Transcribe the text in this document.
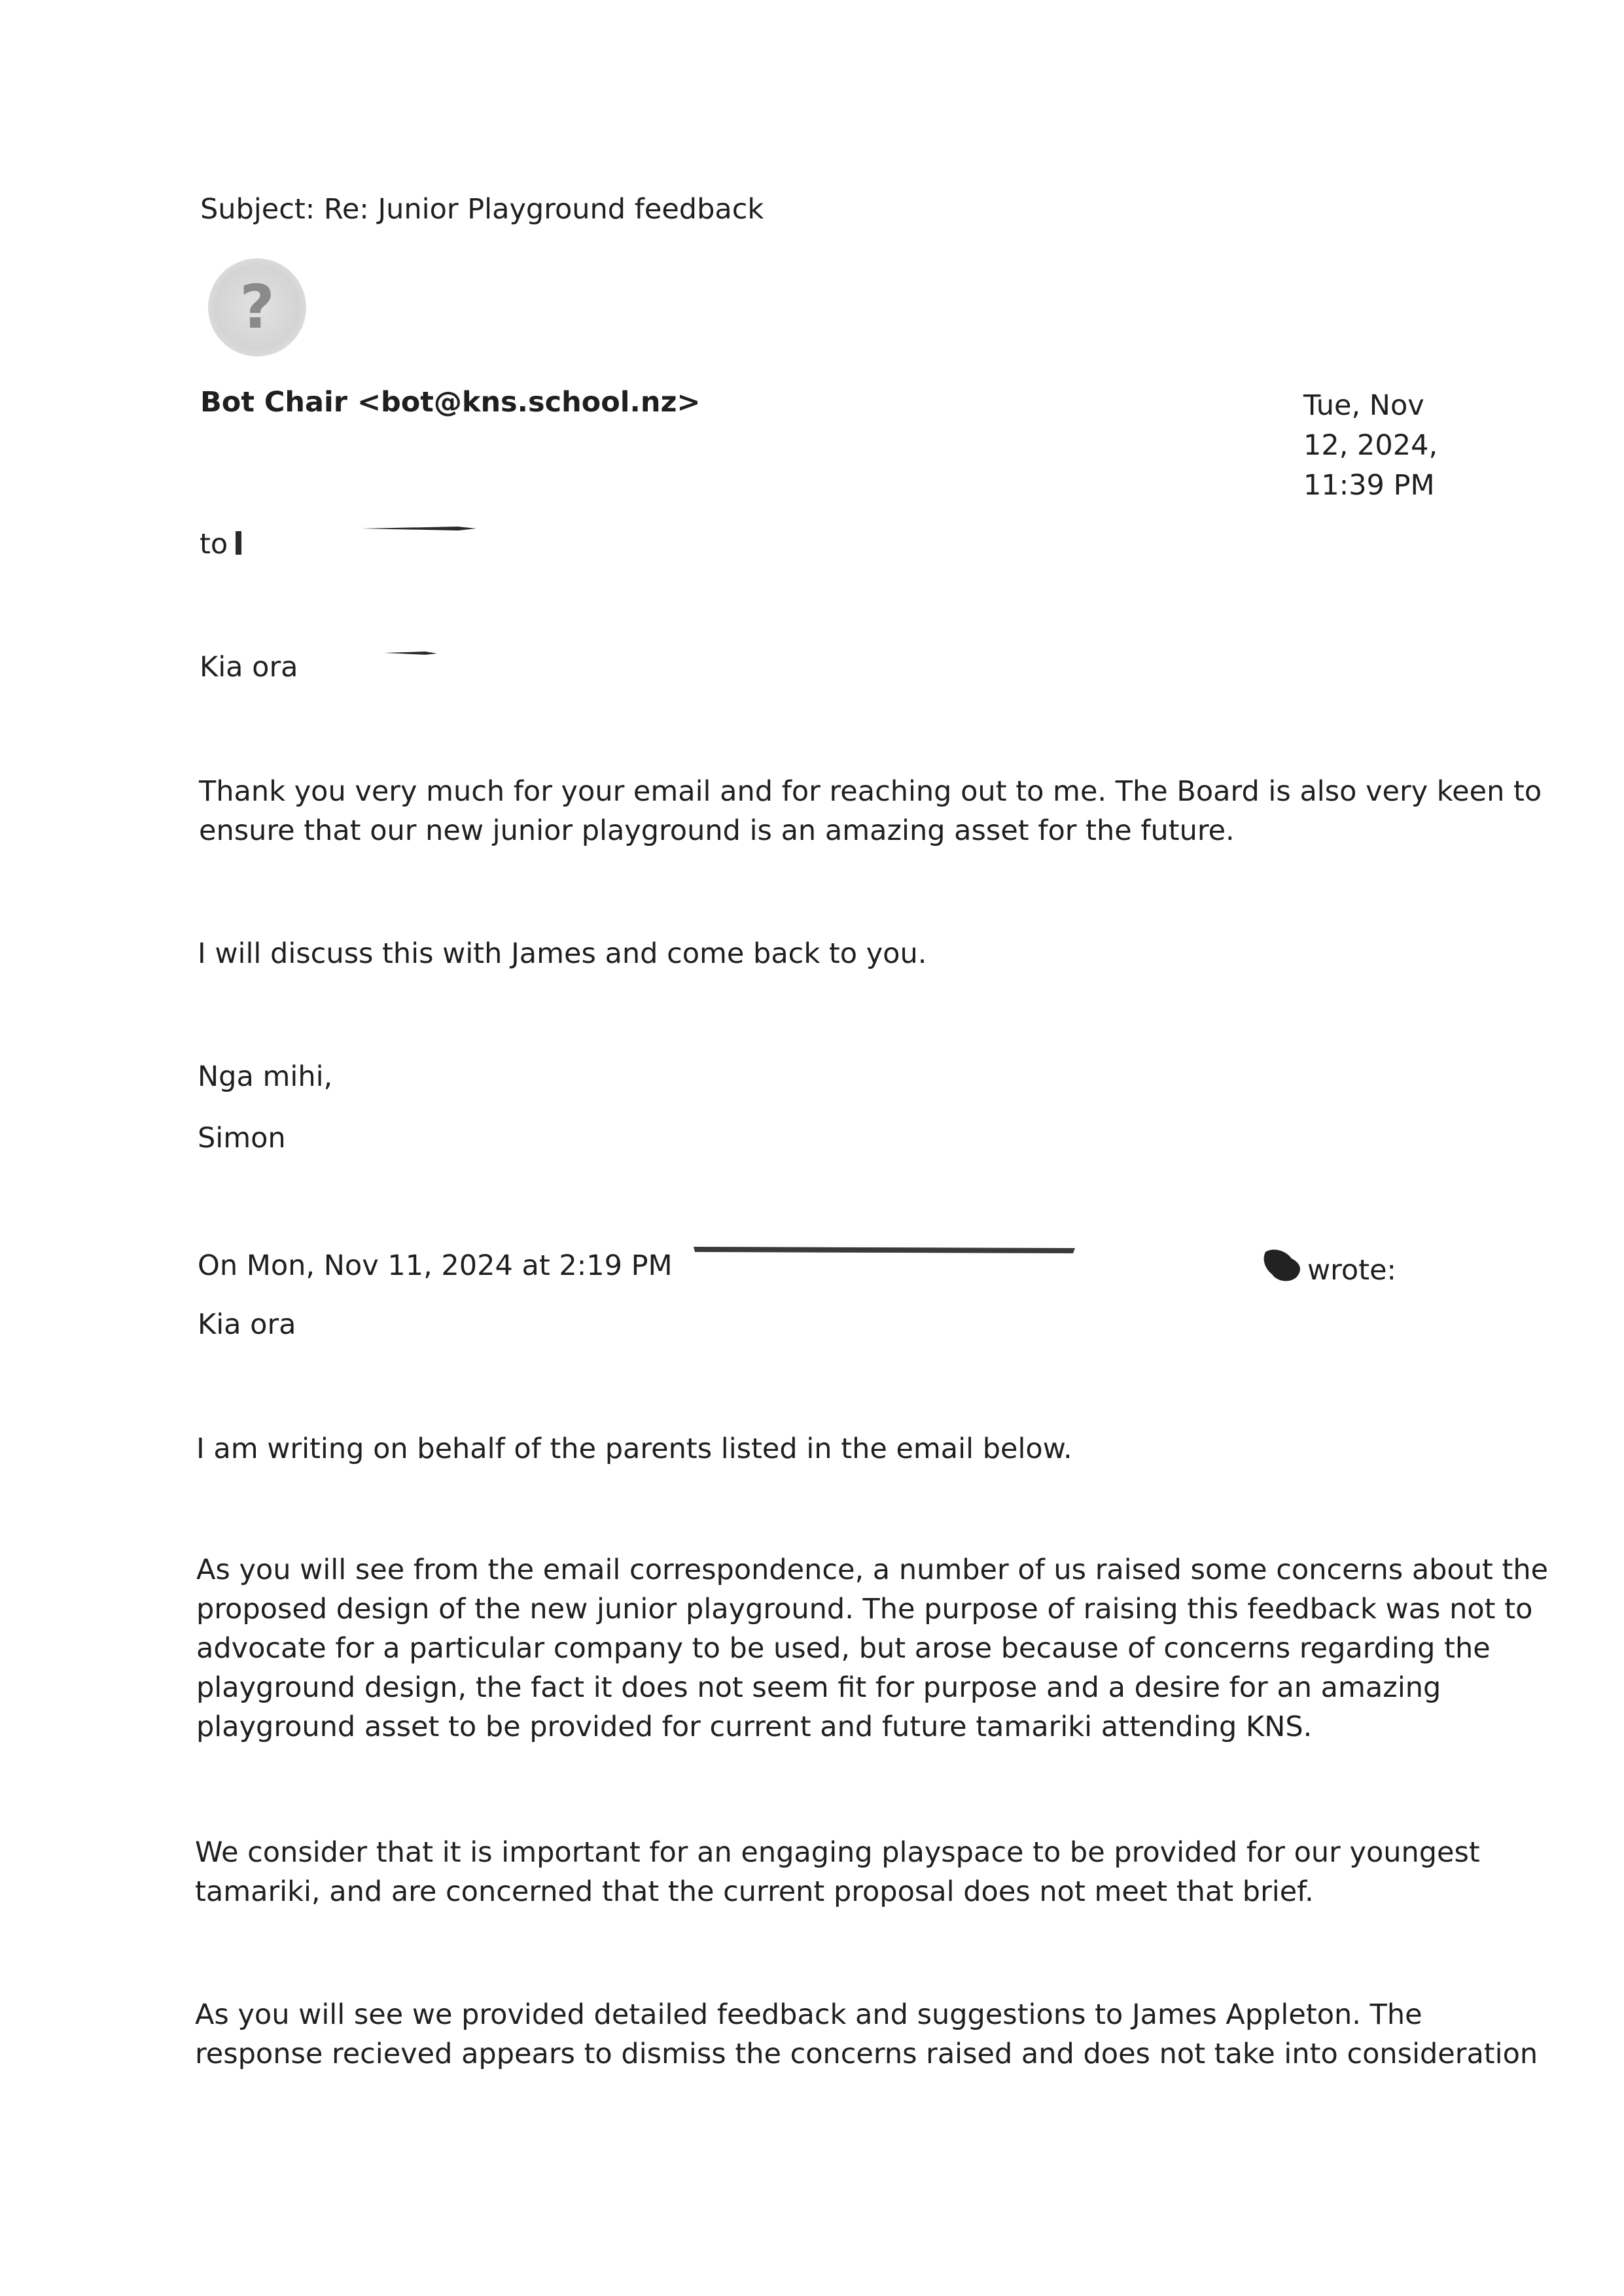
Subject: Re: Junior Playground feedback
?
Bot Chair <bot@kns.school.nz>	Tue, Nov
12, 2024,
11:39 PM
to
Kia ora
Thank you very much for your email and for reaching out to me. The Board is also very keen to
ensure that our new junior playground is an amazing asset for the future.
I will discuss this with James and come back to you.
Nga mihi,
Simon
On Mon, Nov 11, 2024 at 2:19 PM	wrote:
Kia ora
I am writing on behalf of the parents listed in the email below.
As you will see from the email correspondence, a number of us raised some concerns about the
proposed design of the new junior playground. The purpose of raising this feedback was not to
advocate for a particular company to be used, but arose because of concerns regarding the
playground design, the fact it does not seem fit for purpose and a desire for an amazing
playground asset to be provided for current and future tamariki attending KNS.
We consider that it is important for an engaging playspace to be provided for our youngest
tamariki, and are concerned that the current proposal does not meet that brief.
As you will see we provided detailed feedback and suggestions to James Appleton. The
response recieved appears to dismiss the concerns raised and does not take into consideration
